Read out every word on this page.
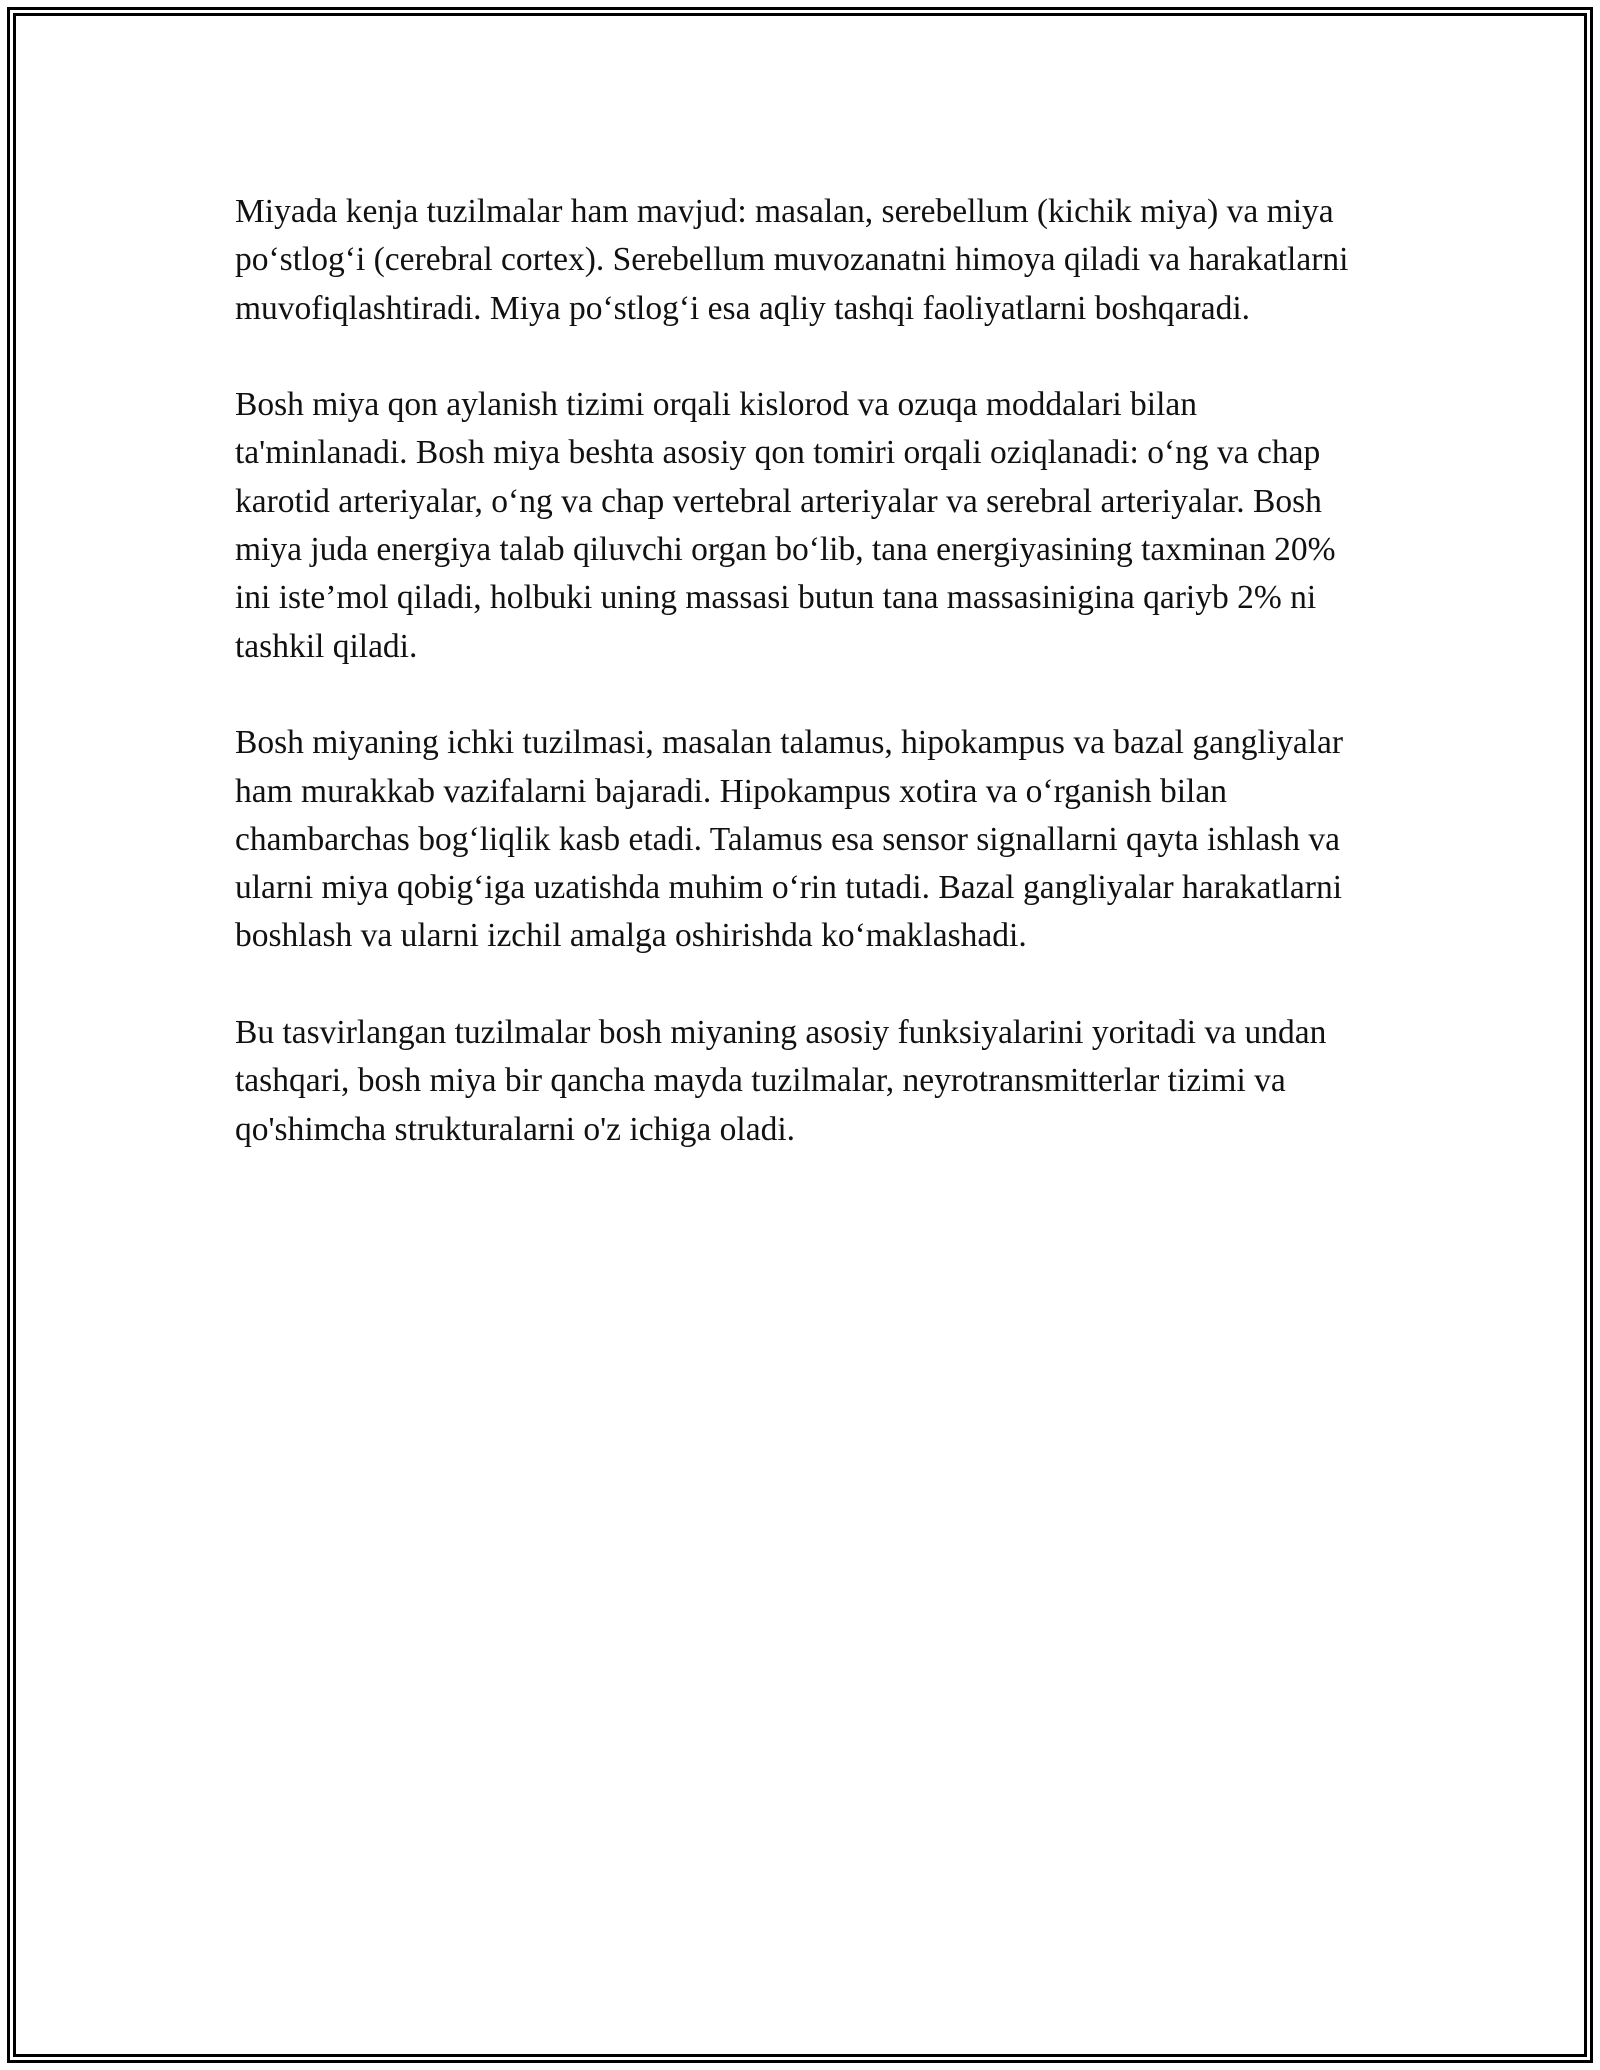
Miyada kenja tuzilmalar ham mavjud: masalan, serebellum (kichik miya) va miya po‘stlog‘i (cerebral cortex). Serebellum muvozanatni himoya qiladi va harakatlarni muvofiqlashtiradi. Miya po‘stlog‘i esa aqliy tashqi faoliyatlarni boshqaradi.

Bosh miya qon aylanish tizimi orqali kislorod va ozuqa moddalari bilan ta'minlanadi. Bosh miya beshta asosiy qon tomiri orqali oziqlanadi: o‘ng va chap karotid arteriyalar, o‘ng va chap vertebral arteriyalar va serebral arteriyalar. Bosh miya juda energiya talab qiluvchi organ bo‘lib, tana energiyasining taxminan 20% ini iste’mol qiladi, holbuki uning massasi butun tana massasinigina qariyb 2% ni tashkil qiladi.

Bosh miyaning ichki tuzilmasi, masalan talamus, hipokampus va bazal gangliyalar ham murakkab vazifalarni bajaradi. Hipokampus xotira va o‘rganish bilan chambarchas bog‘liqlik kasb etadi. Talamus esa sensor signallarni qayta ishlash va ularni miya qobig‘iga uzatishda muhim o‘rin tutadi. Bazal gangliyalar harakatlarni boshlash va ularni izchil amalga oshirishda ko‘maklashadi.

Bu tasvirlangan tuzilmalar bosh miyaning asosiy funksiyalarini yoritadi va undan tashqari, bosh miya bir qancha mayda tuzilmalar, neyrotransmitterlar tizimi va qo'shimcha strukturalarni o'z ichiga oladi.
